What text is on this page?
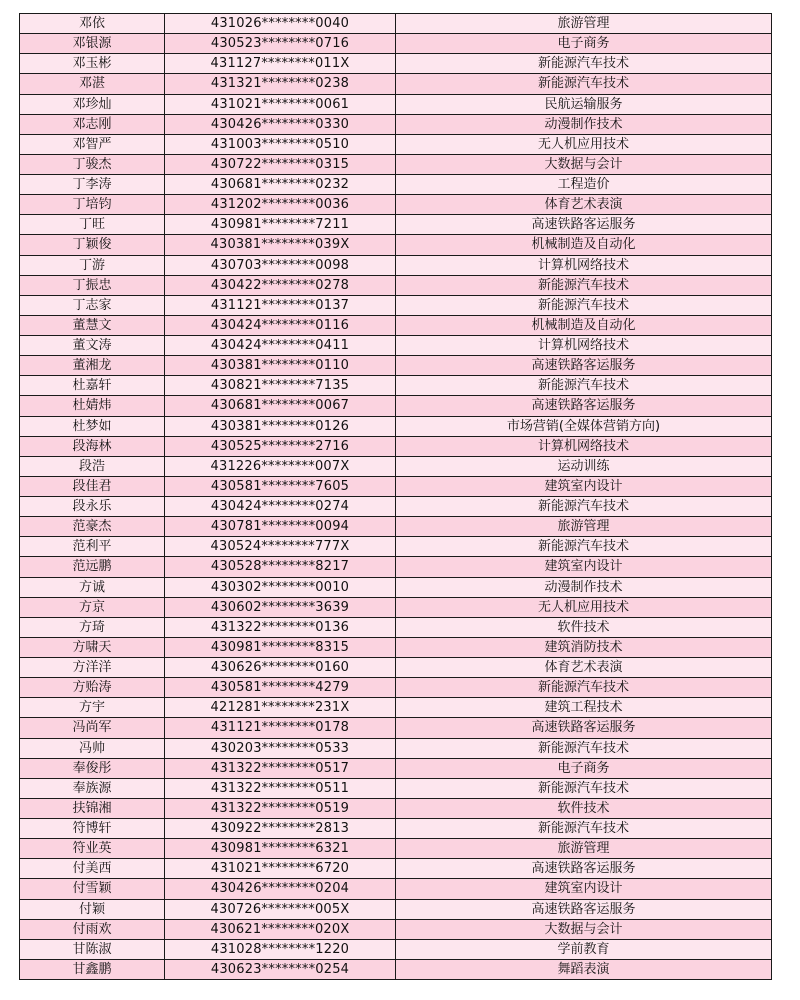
邓依	431026********0040	旅游管理
邓银源	430523********0716	电子商务
邓玉彬	431127********011X	新能源汽车技术
邓湛	431321********0238	新能源汽车技术
邓珍灿	431021********0061	民航运输服务
邓志刚	430426********0330	动漫制作技术
邓智严	431003********0510	无人机应用技术
丁骏杰	430722********0315	大数据与会计
丁李涛	430681********0232	工程造价
丁培钧	431202********0036	体育艺术表演
丁旺	430981********7211	高速铁路客运服务
丁颖俊	430381********039X	机械制造及自动化
丁游	430703********0098	计算机网络技术
丁振忠	430422********0278	新能源汽车技术
丁志家	431121********0137	新能源汽车技术
董慧文	430424********0116	机械制造及自动化
董文涛	430424********0411	计算机网络技术
董湘龙	430381********0110	高速铁路客运服务
杜嘉轩	430821********7135	新能源汽车技术
杜婧炜	430681********0067	高速铁路客运服务
杜梦如	430381********0126	市场营销(全媒体营销方向)
段海林	430525********2716	计算机网络技术
段浩	431226********007X	运动训练
段佳君	430581********7605	建筑室内设计
段永乐	430424********0274	新能源汽车技术
范豪杰	430781********0094	旅游管理
范利平	430524********777X	新能源汽车技术
范远鹏	430528********8217	建筑室内设计
方诚	430302********0010	动漫制作技术
方京	430602********3639	无人机应用技术
方琦	431322********0136	软件技术
方啸天	430981********8315	建筑消防技术
方洋洋	430626********0160	体育艺术表演
方贻涛	430581********4279	新能源汽车技术
方宇	421281********231X	建筑工程技术
冯尚军	431121********0178	高速铁路客运服务
冯帅	430203********0533	新能源汽车技术
奉俊彤	431322********0517	电子商务
奉族源	431322********0511	新能源汽车技术
扶锦湘	431322********0519	软件技术
符博轩	430922********2813	新能源汽车技术
符业英	430981********6321	旅游管理
付美西	431021********6720	高速铁路客运服务
付雪颖	430426********0204	建筑室内设计
付颖	430726********005X	高速铁路客运服务
付雨欢	430621********020X	大数据与会计
甘陈淑	431028********1220	学前教育
甘鑫鹏	430623********0254	舞蹈表演
